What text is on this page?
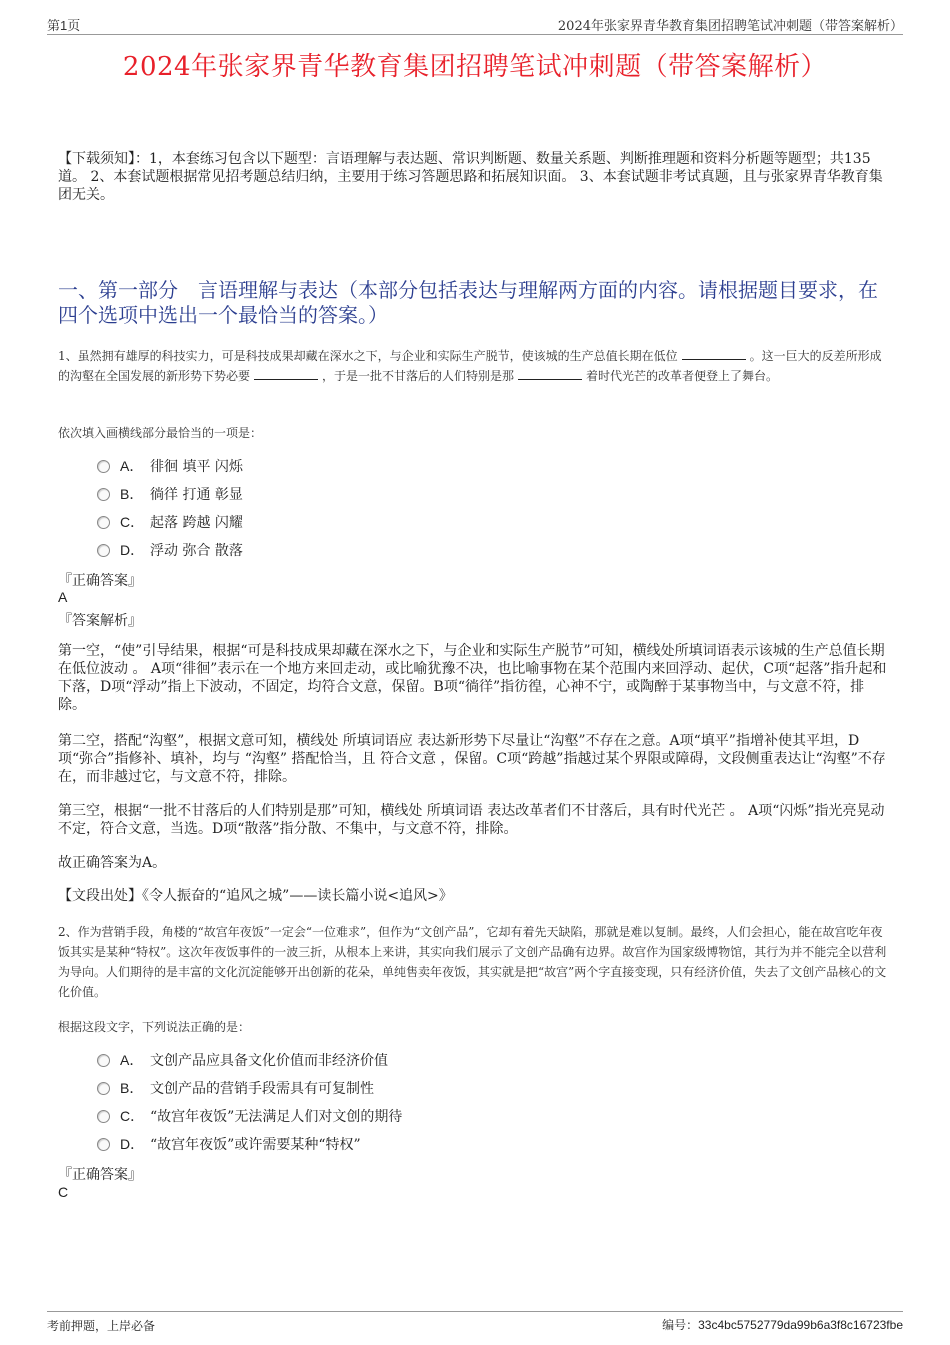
第1页	2024年张家界青华教育集团招聘笔试冲刺题（带答案解析）
2024年张家界青华教育集团招聘笔试冲刺题（带答案解析）
【下载须知】：1，本套练习包含以下题型：言语理解与表达题、常识判断题、数量关系题、判断推理题和资料分析题等题型；共135道。 2、本套试题根据常见招考题总结归纳，主要用于练习答题思路和拓展知识面。 3、本套试题非考试真题，且与张家界青华教育集团无关。
一、第一部分　言语理解与表达（本部分包括表达与理解两方面的内容。请根据题目要求，在四个选项中选出一个最恰当的答案。）
1、虽然拥有雄厚的科技实力，可是科技成果却藏在深水之下，与企业和实际生产脱节，使该城的生产总值长期在低位	。这一巨大的反差所形成的沟壑在全国发展的新形势下势必要	，于是一批不甘落后的人们特别是那	着时代光芒的改革者便登上了舞台。
依次填入画横线部分最恰当的一项是：
A． 徘徊 填平 闪烁
B． 徜徉 打通 彰显
C． 起落 跨越 闪耀
D． 浮动 弥合 散落
『正确答案』
A
『答案解析』
第一空，“使”引导结果，根据“可是科技成果却藏在深水之下，与企业和实际生产脱节”可知，横线处所填词语表示该城的生产总值长期在低位波动 。 A项“徘徊”表示在一个地方来回走动，或比喻犹豫不决，也比喻事物在某个范围内来回浮动、起伏，C项“起落”指升起和下落，D项“浮动”指上下波动，不固定，均符合文意，保留。B项“徜徉”指彷徨，心神不宁，或陶醉于某事物当中，与文意不符，排除。
第二空，搭配“沟壑”，根据文意可知，横线处 所填词语应 表达新形势下尽量让“沟壑”不存在之意。A项“填平”指增补使其平坦，D项“弥合”指修补、填补，均与 “沟壑” 搭配恰当，且 符合文意 ，保留。C项“跨越”指越过某个界限或障碍，文段侧重表达让“沟壑”不存在，而非越过它，与文意不符，排除。
第三空，根据“一批不甘落后的人们特别是那”可知，横线处 所填词语 表达改革者们不甘落后，具有时代光芒 。 A项“闪烁”指光亮晃动不定，符合文意，当选。D项“散落”指分散、不集中，与文意不符，排除。
故正确答案为A。
【文段出处】《令人振奋的“追风之城”——读长篇小说<追风>》
2、作为营销手段，角楼的“故宫年夜饭”一定会“一位难求”，但作为“文创产品”，它却有着先天缺陷，那就是难以复制。最终，人们会担心，能在故宫吃年夜饭其实是某种“特权”。这次年夜饭事件的一波三折，从根本上来讲，其实向我们展示了文创产品确有边界。故宫作为国家级博物馆，其行为并不能完全以营利为导向。人们期待的是丰富的文化沉淀能够开出创新的花朵，单纯售卖年夜饭，其实就是把“故宫”两个字直接变现，只有经济价值，失去了文创产品核心的文化价值。
根据这段文字，下列说法正确的是：
A． 文创产品应具备文化价值而非经济价值
B． 文创产品的营销手段需具有可复制性
C． “故宫年夜饭”无法满足人们对文创的期待
D． “故宫年夜饭”或许需要某种“特权”
『正确答案』
C
考前押题，上岸必备	编号：33c4bc5752779da99b6a3f8c16723fbe
